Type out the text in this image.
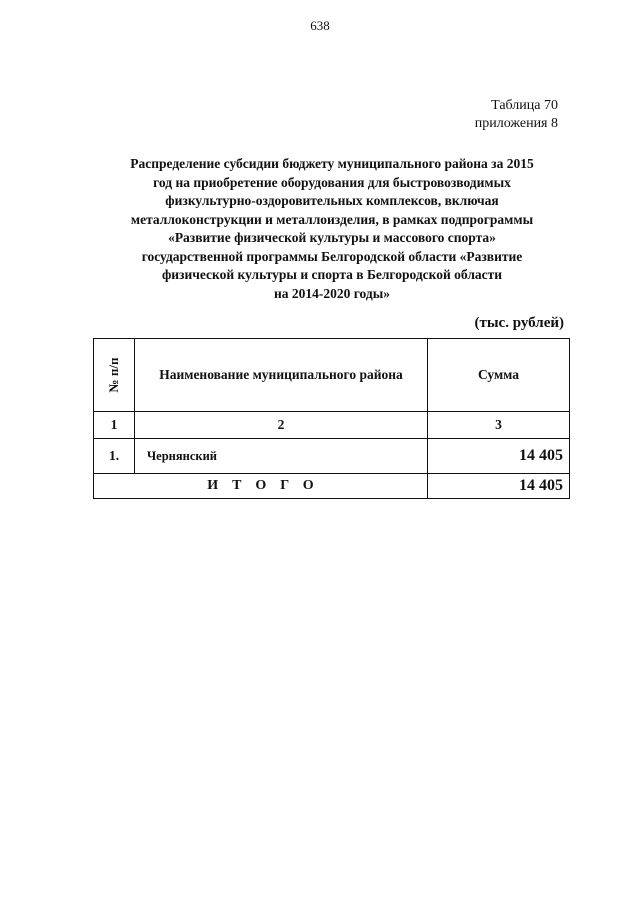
638
Таблица 70
приложения 8
Распределение субсидии бюджету муниципального района за 2015
год на приобретение оборудования для быстровозводимых
физкультурно-оздоровительных комплексов, включая
металлоконструкции и металлоизделия, в рамках подпрограммы
«Развитие физической культуры и массового спорта»
государственной программы Белгородской области «Развитие
физической культуры и спорта в Белгородской области
на 2014-2020 годы»
(тыс. рублей)
№ п/п	Наименование муниципального района	Сумма
1	2	3
1.	Чернянский	14 405
ИТОГО		14 405
